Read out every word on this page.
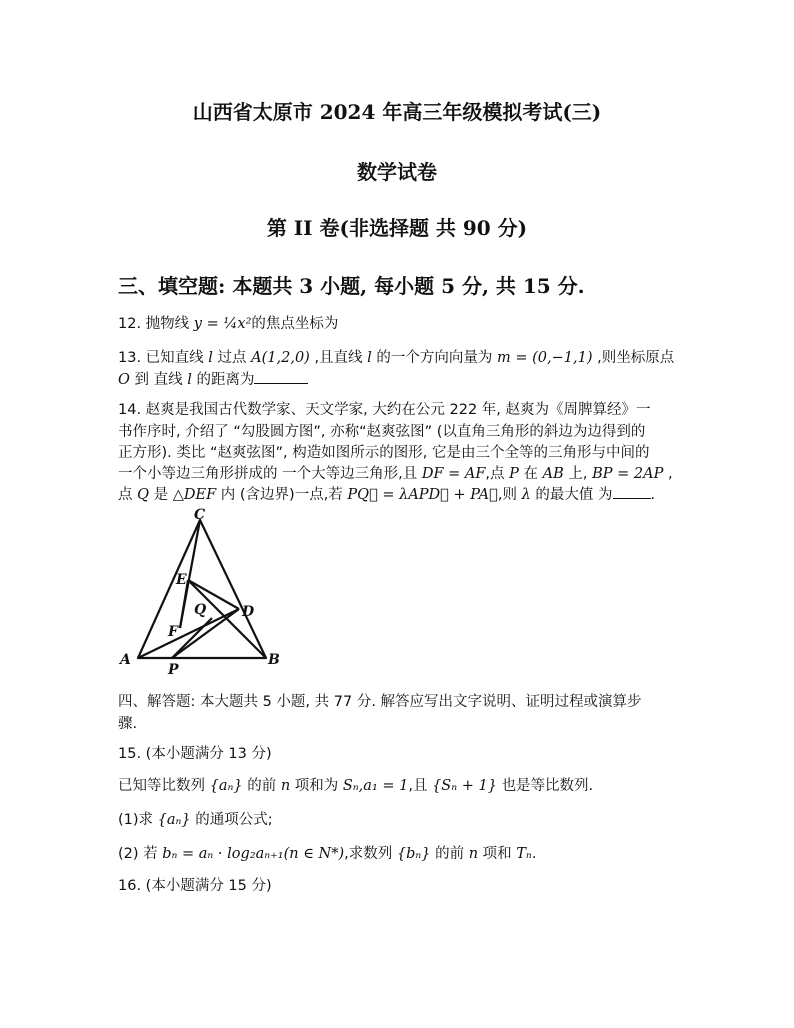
山西省太原市 2024 年高三年级模拟考试(三)
数学试卷
第 II 卷(非选择题 共 90 分)
三、填空题: 本题共 3 小题, 每小题 5 分, 共 15 分.
12. 抛物线 y = ¼x²的焦点坐标为
13. 已知直线 l 过点 A(1,2,0) ,且直线 l 的一个方向向量为 m = (0,−1,1) ,则坐标原点
O 到 直线 l 的距离为
14. 赵爽是我国古代数学家、天文学家, 大约在公元 222 年, 赵爽为《周脾算经》一
书作序时, 介绍了 “勾股圆方图”, 亦称“赵爽弦图” (以直角三角形的斜边为边得到的
正方形). 类比 “赵爽弦图”, 构造如图所示的图形, 它是由三个全等的三角形与中间的
一个小等边三角形拼成的 一个大等边三角形,且 DF = AF,点 P 在 AB 上, BP = 2AP ,
点 Q 是 △DEF 内 (含边界)一点,若 PQ⃗ = λAPD⃗ + PA⃗,则 λ 的最大值 为	.
C
E
Q	D
F
A
P
B
四、解答题: 本大题共 5 小题, 共 77 分. 解答应写出文字说明、证明过程或演算步
骤.
15. (本小题满分 13 分)
已知等比数列 {aₙ} 的前 n 项和为 Sₙ,a₁ = 1,且 {Sₙ + 1} 也是等比数列.
(1)求 {aₙ} 的通项公式;
(2) 若 bₙ = aₙ · log₂aₙ₊₁(n ∈ N*),求数列 {bₙ} 的前 n 项和 Tₙ.
16. (本小题满分 15 分)
